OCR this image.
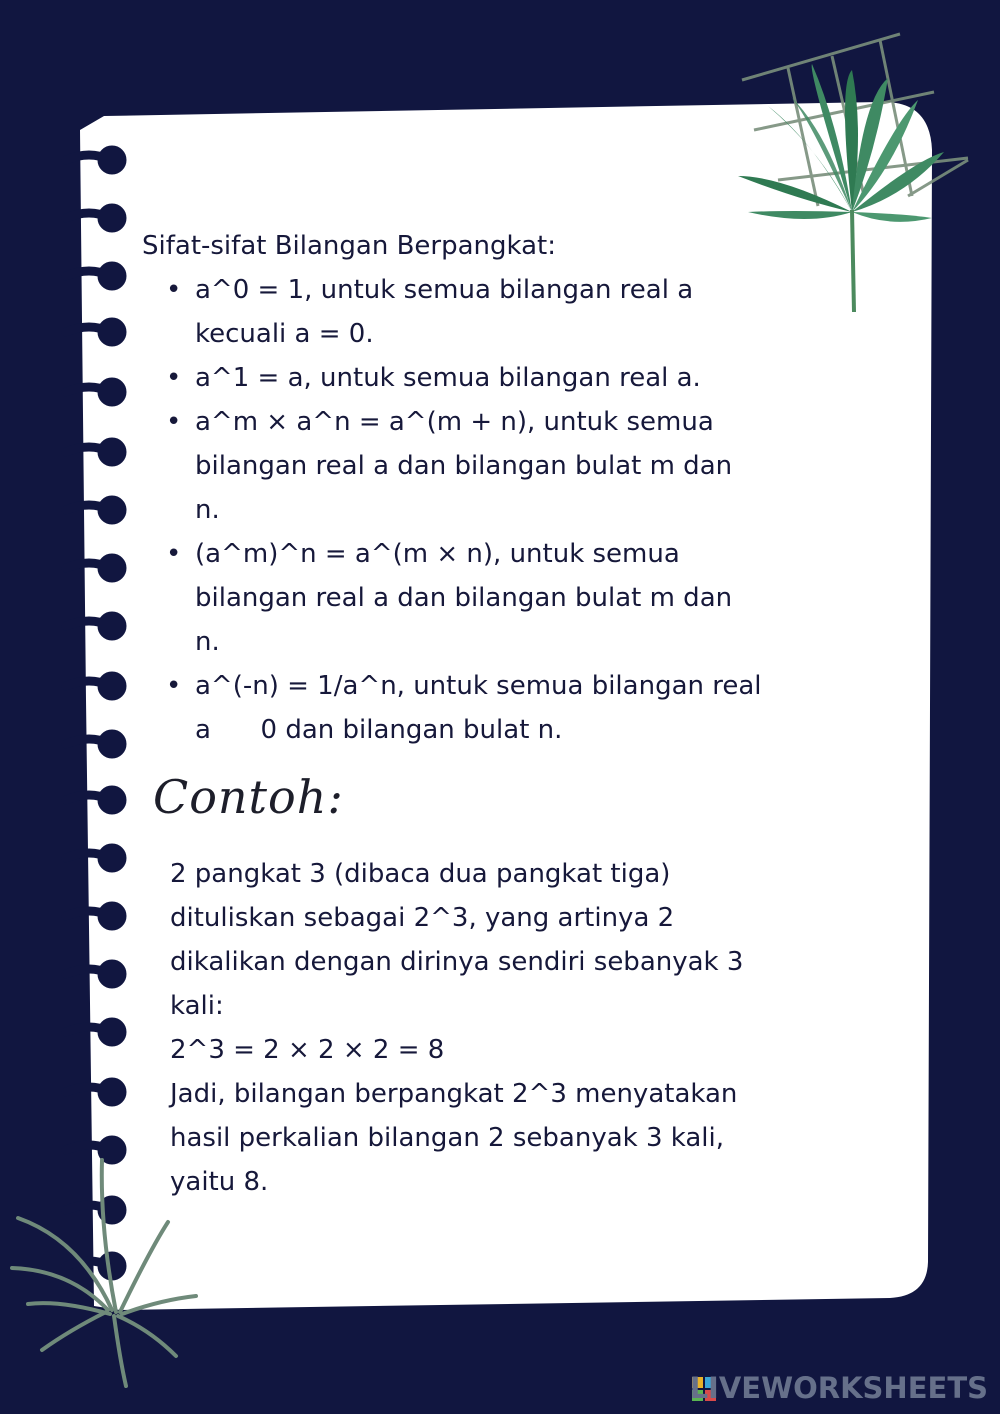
Sifat-sifat Bilangan Berpangkat:
• a^0 = 1, untuk semua bilangan real a
kecuali a = 0.
• a^1 = a, untuk semua bilangan real a.
• a^m × a^n = a^(m + n), untuk semua
bilangan real a dan bilangan bulat m dan
n.
• (a^m)^n = a^(m × n), untuk semua
bilangan real a dan bilangan bulat m dan
n.
• a^(-n) = 1/a^n, untuk semua bilangan real
a      0 dan bilangan bulat n.
Contoh:
2 pangkat 3 (dibaca dua pangkat tiga)
dituliskan sebagai 2^3, yang artinya 2
dikalikan dengan dirinya sendiri sebanyak 3
kali:
2^3 = 2 × 2 × 2 = 8
Jadi, bilangan berpangkat 2^3 menyatakan
hasil perkalian bilangan 2 sebanyak 3 kali,
yaitu 8.
LIVEWORKSHEETS
